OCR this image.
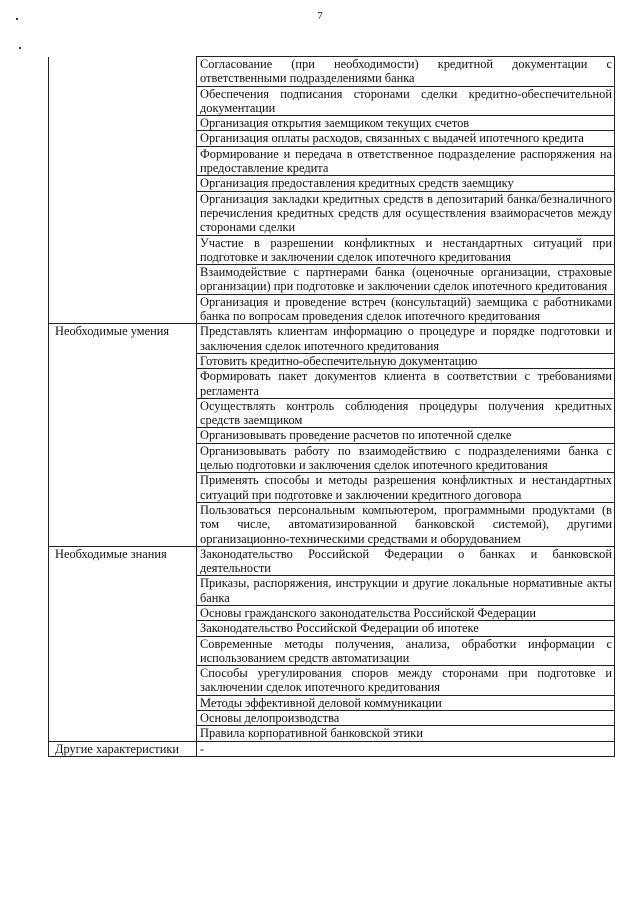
7
	Согласование (при необходимости) кредитной документации с ответственными подразделениями банка
	Обеспечения подписания сторонами сделки кредитно-обеспечительной документации
	Организация открытия заемщиком текущих счетов
	Организация оплаты расходов, связанных с выдачей ипотечного кредита
	Формирование и передача в ответственное подразделение распоряжения на предоставление кредита
	Организация предоставления кредитных средств заемщику
	Организация закладки кредитных средств в депозитарий банка/безналичного перечисления кредитных средств для осуществления взаиморасчетов между сторонами сделки
	Участие в разрешении конфликтных и нестандартных ситуаций при подготовке и заключении сделок ипотечного кредитования
	Взаимодействие с партнерами банка (оценочные организации, страховые организации) при подготовке и заключении сделок ипотечного кредитования
	Организация и проведение встреч (консультаций) заемщика с работниками банка по вопросам проведения сделок ипотечного кредитования
Необходимые умения	Представлять клиентам информацию о процедуре и порядке подготовки и заключения сделок ипотечного кредитования
	Готовить кредитно-обеспечительную документацию
	Формировать пакет документов клиента в соответствии с требованиями регламента
	Осуществлять контроль соблюдения процедуры получения кредитных средств заемщиком
	Организовывать проведение расчетов по ипотечной сделке
	Организовывать работу по взаимодействию с подразделениями банка с целью подготовки и заключения сделок ипотечного кредитования
	Применять способы и методы разрешения конфликтных и нестандартных ситуаций при подготовке и заключении кредитного договора
	Пользоваться персональным компьютером, программными продуктами (в том числе, автоматизированной банковской системой), другими организационно-техническими средствами и оборудованием
Необходимые знания	Законодательство Российской Федерации о банках и банковской деятельности
	Приказы, распоряжения, инструкции и другие локальные нормативные акты банка
	Основы гражданского законодательства Российской Федерации
	Законодательство Российской Федерации об ипотеке
	Современные методы получения, анализа, обработки информации с использованием средств автоматизации
	Способы урегулирования споров между сторонами при подготовке и заключении сделок ипотечного кредитования
	Методы эффективной деловой коммуникации
	Основы делопроизводства
	Правила корпоративной банковской этики
Другие характеристики	-
